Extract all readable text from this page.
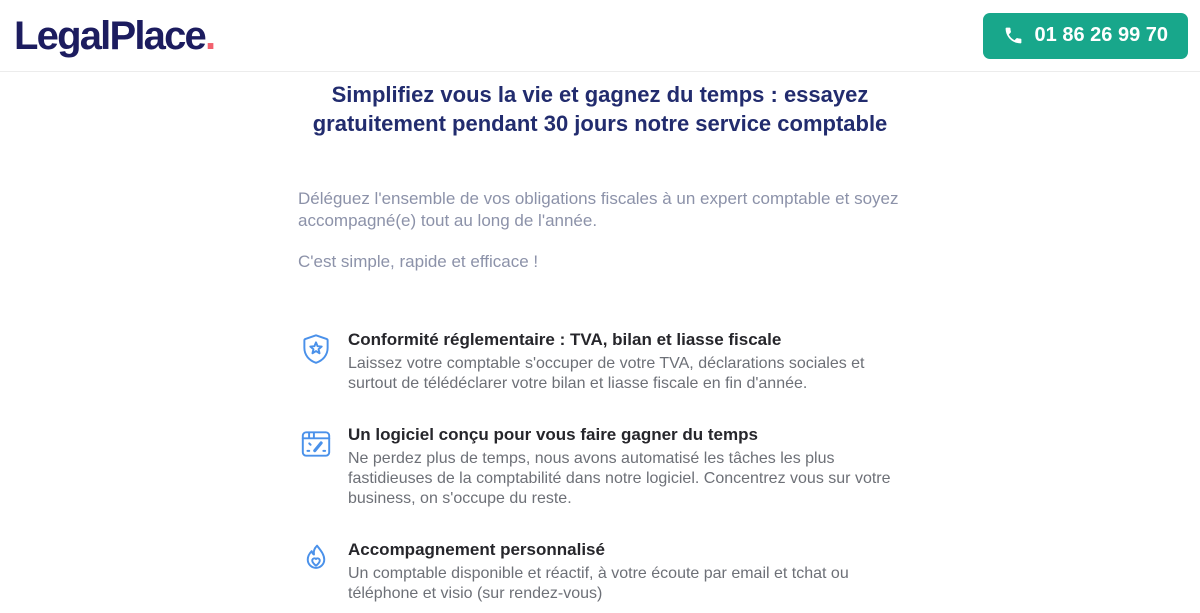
LegalPlace.	01 86 26 99 70
Simplifiez vous la vie et gagnez du temps : essayez
gratuitement pendant 30 jours notre service comptable

Déléguez l'ensemble de vos obligations fiscales à un expert comptable et soyez accompagné(e) tout au long de l'année.

C'est simple, rapide et efficace !

Conformité réglementaire : TVA, bilan et liasse fiscale
Laissez votre comptable s'occuper de votre TVA, déclarations sociales et surtout de télédéclarer votre bilan et liasse fiscale en fin d'année.
Un logiciel conçu pour vous faire gagner du temps
Ne perdez plus de temps, nous avons automatisé les tâches les plus fastidieuses de la comptabilité dans notre logiciel. Concentrez vous sur votre business, on s'occupe du reste.
Accompagnement personnalisé
Un comptable disponible et réactif, à votre écoute par email et tchat ou téléphone et visio (sur rendez-vous)
